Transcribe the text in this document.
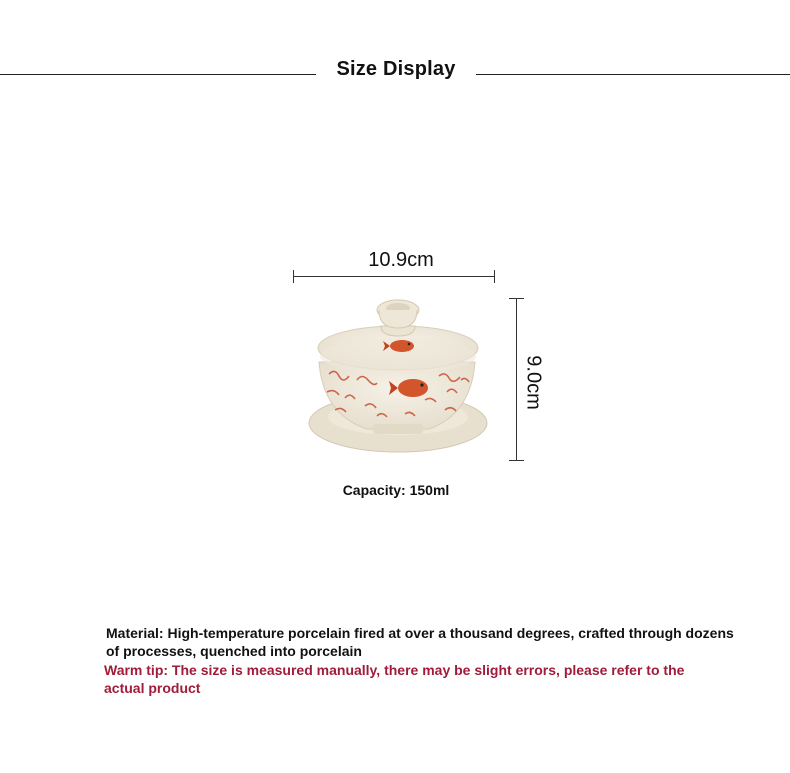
Size Display
10.9cm
9.0cm
Capacity: 150ml
Material: High-temperature porcelain fired at over a thousand degrees, crafted through dozens of processes, quenched into porcelain
Warm tip: The size is measured manually, there may be slight errors, please refer to the actual product
